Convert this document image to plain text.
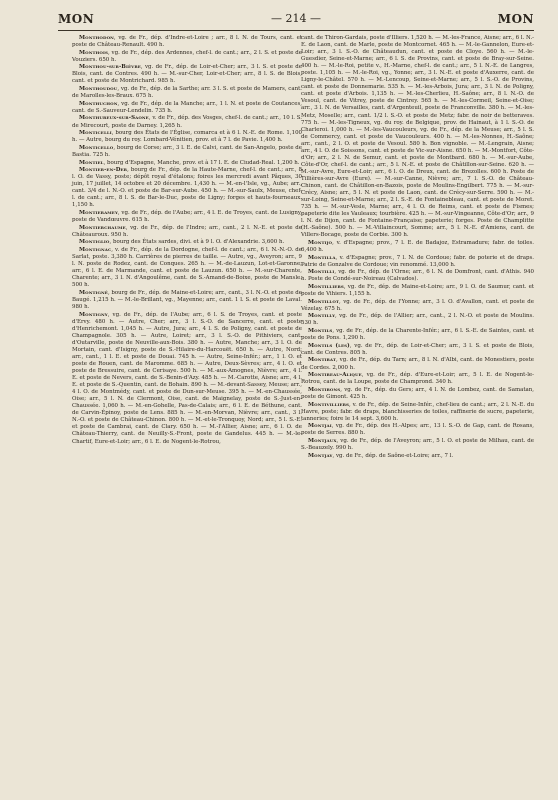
MON	— 214 —	MON

Monthodon, vg. de Fr., dép. d'Indre-et-Loire ; arr., 8 l. N. de Tours, cant. et poste de Château-Renault. 490 h.

Monthois, vg. de Fr., dép. des Ardennes, chef-l. de cant.; arr., 2 l. S. et poste de Vouziers. 650 h.

Monthou-sur-Bièvre, vg. de Fr., dép. de Loir-et-Cher; arr., 3 l. S. et poste de Blois, cant. de Contres. 490 h. — M.-sur-Cher, Loir-et-Cher; arr., 8 l. S. de Blois, cant. et poste de Montrichard. 985 h.

Monthoudou, vg. de Fr., dép. de la Sarthe; arr. 3 l. S. et poste de Mamers, cant. de Marolles-les-Braux. 675 h.

Monthuchon, vg. de Fr., dép. de la Manche; arr., 1 l. N. et poste de Coutances, cant. de S.-Sauveur-Lendelin. 735 h.

Monthureux-sur-Saone, v. de Fr., dép. des Vosges, chef-l. de cant.; arr., 10 l. S. de Mirecourt, poste de Darney. 1,265 h.

Monticelli, bourg des États de l'Église, comarca et à 6 l. N.-E. de Rome. 1,100 h. — Autre, bourg du roy. Lombard-Vénitien, prov. et à 7 l. de Pavie. 1,400 h.

Monticello, bourg de Corse; arr., 3 l. E. de Calvi, cant. de San-Angelo, poste de Bastia. 725 h.

Montiel, bourg d'Espagne, Manche, prov. et à 17 l. E. de Ciudad-Real. 1,200 h.

Montier-en-Der, bourg de Fr., dép. de la Haute-Marne, chef-l. de cant.; arr., 8 l. O. de Vassy, poste; dépôt royal d'étalons; foires les mercredi avant Pâques, 30 juin, 17 juillet, 14 octobre et 20 décembre. 1,430 h. — M.-en-l'Isle, vg., Aube; arr., cant. 3/4 de l. N.-O. et poste de Bar-sur-Aube. 450 h. — M.-sur-Saulx, Meuse, chef-l. de cant.; arr., 8 l. S. de Bar-le-Duc, poste de Ligny; forges et hauts-fourneaux. 1,150 h.

Montieramey, vg. de Fr., dép. de l'Aube; arr., 4 l. E. de Troyes, cant. de Lusigny, poste de Vandœuvre. 615 h.

Montierchaume, vg. de Fr., dép. de l'Indre; arr., cant., 2 l. N.-E. et poste de Châteauroux. 950 h.

Montiglio, bourg des États sardes, divi. et à 9 l. O. d'Alexandrie. 3,600 h.

Montignac, v. de Fr., dép. de la Dordogne, chef-l. de cant.; arr., 6 l. N.-N.-O. de Sarlat, poste. 3,380 h. Carrières de pierres de taille. — Autre, vg., Aveyron; arr., 9 l. N. poste de Rodez, cant. de Conques. 265 h. — M.-de-Lauzun, Lot-et-Garonne; arr., 6 l. E. de Marmande, cant. et poste de Lauzun. 650 h. — M.-sur-Charente, Charente; arr., 3 l. N. d'Angoulême, cant. de S.-Amand-de-Boixe, poste de Mansle. 500 h.

Montigné, bourg de Fr., dép. de Maine-et-Loire; arr., cant., 3 l. N.-O. et poste de Baugé. 1,215 h. — M.-le-Brillant, vg., Mayenne; arr., cant. 1 l. S. et poste de Laval. 980 h.

Montigny, vg. de Fr., dép. de l'Aube; arr., 6 l. S. de Troyes, cant. et poste d'Ervy. 480 h. — Autre, Cher; arr., 3 l. S.-O. de Sancerre, cant. et poste d'Henrichemont. 1,045 h. — Autre, Jura; arr., 4 l. S. de Poligny, cant. et poste de Champagnole. 305 h. — Autre, Loiret; arr., 3 l. S.-O. de Pithiviers, cant. d'Outarville, poste de Neuville-aux-Bois. 380 h. — Autre, Manche; arr., 3 l. O. de Mortain, cant. d'Isigny, poste de S.-Hilaire-du-Harcouët. 650 h. — Autre, Nord; arr., cant., 1 l. E. et poste de Douai. 745 h. — Autre, Seine-Infér.; arr., 1 l. O. et poste de Rouen, cant. de Maromme. 685 h. — Autre, Deux-Sèvres; arr., 4 l. O. et poste de Bressuire, cant. de Cerisaye. 500 h. — M.-aux-Amognes, Nièvre; arr., 4 l. E. et poste de Nevers, cant. de S.-Benin-d'Azy. 485 h. — M.-Carotte, Aisne; arr., 4 l. E. et poste de S.-Quentin, cant. de Bohain. 890 h. — M.-devant-Sassey, Meuse; arr., 4 l. O. de Montmédy, cant. et poste de Dun-sur-Meuse. 395 h. — M.-en-Chaussée, Oise; arr., 5 l. N. de Clermont, Oise, cant. de Maignelay, poste de S.-Just-en-Chaussée. 1,060 h. — M.-en-Gohelle, Pas-de-Calais; arr., 6 l. E. de Béthune, cant. de Carvin-Épinoy, poste de Lens. 885 h. — M.-en-Morvan, Nièvre; arr., cant., 3 l. N.-O. et poste de Château-Chinon. 800 h. — M.-et-le-Tronquoy, Nord; arr., 5 l. S.-E. et poste de Cambrai, cant. de Clary. 650 h. — M.-l'Allier, Aisne; arr., 6 l. O. de Château-Thierry, cant. de Neuilly-S.-Front, poste de Gandelus. 445 h. — M.-le-Chartif, Eure-et-Loir; arr., 6 l. E. de Nogent-le-Rotrou,

cant. de Thiron-Gardais, poste d'Illiers. 1,520 h. — M.-les-France, Aisne; arr., 6 l. N.-E. de Laon, cant. de Marle, poste de Montcornet. 465 h. — M.-le-Gannelon, Eure-et-Loir; arr., 3 l. S.-O. de Châteaudun, cant. et poste de Cloye. 560 h. — M.-le-Guesdier, Seine-et-Marne; arr., 6 l. S. de Provins, cant. et poste de Bray-sur-Seine. 400 h. — M.-le-Roi, petite v., H.-Marne, chef-l. de cant.; arr., 5 l. N.-E. de Langres, poste. 1,105 h. — M.-le-Roi, vg., Yonne; arr., 3 l. N.-E. et poste d'Auxerre, cant. de Ligny-le-Châtel. 570 h. — M.-Lencoup, Seine-et-Marne; arr., 5 l. S.-O. de Provins, cant. et poste de Donnemarie. 535 h. — M.-les-Arbois, Jura; arr., 3 l. N. de Poligny, cant. et poste d'Arbois. 1,135 h. — M.-les-Cherlieu, H.-Saône; arr., 8 l. N.-O. de Vesoul, cant. de Vitrey, poste de Cintrey. 565 h. — M.-les-Cormeil, Seine-et-Oise; arr., 3 l. N. de Versailles, cant. d'Argenteuil, poste de Franconville. 380 h. — M.-les-Metz, Moselle; arr., cant. 1/2 l. S.-O. et poste de Metz; fabr. de noir de betteraves. 775 h. — M.-les-Tigneux, vg. du roy. de Belgique, prov. de Hainaut, à 1 l. S.-O. de Charleroi. 1,000 h. — M.-les-Vaucouleurs, vg. de Fr., dép. de la Meuse; arr., 5 l. S. de Commercy, cant. et poste de Vaucouleurs. 400 h. — M.-les-Nonnes, H.-Saône; arr., cant., 2 l. O. et poste de Vesoul. 580 h. Bon vignoble. — M.-Lengrain, Aisne; arr., 4 l. O. de Soissons, cant. et poste de Vic-sur-Aisne. 650 h. — M.-Montfort, Côte-d'Or; arr., 2 l. N. de Semur, cant. et poste de Montbard. 680 h. — M.-sur-Aube, Côte-d'Or, chef-l. de cant.; arr., 5 l. N.-E. et poste de Châtillon-sur-Seine. 620 h. — M.-sur-Avre, Eure-et-Loir; arr., 6 l. O. de Dreux, cant. de Brezolles. 600 h. Poste de Tillières-sur-Avre (Eure). — M.-sur-Canne, Nièvre; arr., 7 l. S.-O. de Château-Chinon, cant. de Châtillon-en-Bazois, poste de Moulins-Engilbert. 775 h. — M.-sur-Crécy, Aisne; arr., 5 l. N. et poste de Laon, cant. de Crécy-sur-Serre. 590 h. — M.-sur-Loing, Seine-et-Marne; arr., 2 l. S.-E. de Fontainebleau, cant. et poste de Moret. 735 h. — M.-sur-Vesle, Marne; arr., 4 l. O. de Reims, cant. et poste de Fismes; papeterie dite les Vauleaux; tourbière. 425 h. — M.-sur-Vingeanne, Côte-d'Or; arr., 9 l. N. de Dijon, cant. de Fontaine-Française; papeterie; forges. Poste de Champlitte (H.-Saône). 500 h. — M.-Villaincourt, Somme; arr., 5 l. N.-E. d'Amiens, cant. de Villers-Bocage, poste de Corbie. 300 h.

Montijo, v. d'Espagne; prov., 7 l. E. de Badajoz, Estramadure; fabr. de toiles. 6,400 h.

Montilla, v. d'Espagne; prov., 7 l. N. de Cordoue; fabr. de poterie et de draps. Patrie de Gonzalve de Cordoue; vin renommé. 13,000 h.

Montilli, vg. de Fr., dép. de l'Orne; arr., 6 l. N. de Domfront, cant. d'Athis. 940 h. Poste de Condé-sur-Noireau (Calvados).

Montilliers, vg. de Fr., dép. de Maine-et-Loire; arr., 9 l. O. de Saumur, cant. et poste de Vihiers. 1,155 h.

Montillot, vg. de Fr., dép. de l'Yonne; arr., 3 l. O. d'Avallon, cant. et poste de Vézelay. 675 h.

Montilly, vg. de Fr., dép. de l'Allier; arr., cant., 2 l. N.-O. et poste de Moulins. 530 h.

Montils, vg. de Fr., dép. de la Charente-Infér.; arr., 6 l. S.-E. de Saintes, cant. et poste de Pons. 1,290 h.

Montils (les), vg. de Fr., dép. de Loir-et-Cher; arr., 3 l. S. et poste de Blois, cant. de Contres. 805 h.

Montirat, vg. de Fr., dép. du Tarn; arr., 8 l. N. d'Albi, cant. de Monestiers, poste de Cordes. 2,000 h.

Montireau-Alique, vg. de Fr., dép. d'Eure-et-Loir; arr., 5 l. E. de Nogent-le-Rotrou, cant. de la Loupe, poste de Champrond. 340 h.

Montirons, vg. de Fr., dép. du Gers; arr., 4 l. N. de Lombez, cant. de Samatan, poste de Gimont. 425 h.

Montivilliers, v. de Fr., dép. de Seine-Infér., chef-lieu de cant.; arr., 2 l. N.-E. du Havre, poste; fabr. de draps, blanchisseries de toiles, raffinerie de sucre, papeterie, tanneries; foire le 14 sept. 3,600 h.

Montjai, vg. de Fr., dép. des H.-Alpes; arr., 13 l. S.-O. de Gap, cant. de Rosans, poste de Serres. 880 h.

Montjaux, vg. de Fr., dép. de l'Aveyron; arr., 5 l. O. et poste de Milhau, cant. de S.-Beauzely. 990 h.

Montjay, vg. de Fr., dép. de Saône-et-Loire; arr., 7 l.
